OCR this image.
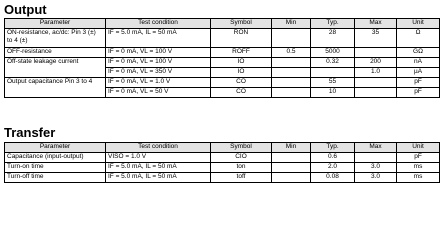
Output
Parameter	Test condition	Symbol	Min	Typ.	Max	Unit
ON-resistance, ac/dc: Pin 3 (±) to 4 (±)	IF = 5.0 mA, IL = 50 mA	RON		28	35	Ω
OFF-resistance	IF = 0 mA, VL = 100 V	ROFF	0.5	5000		GΩ
Off-state leakage current	IF = 0 mA, VL = 100 V	IO		0.32	200	nA
	IF = 0 mA, VL = 350 V	IO			1.0	µA
Output capacitance Pin 3 to 4	IF = 0 mA, VL = 1.0 V	CO		55		pF
	IF = 0 mA, VL = 50 V	CO		10		pF
Transfer
Parameter	Test condition	Symbol	Min	Typ.	Max	Unit
Capacitance (input-output)	VISO = 1.0 V	CIO		0.6		pF
Turn-on time	IF = 5.0 mA, IL = 50 mA	ton		2.0	3.0	ms
Turn-off time	IF = 5.0 mA, IL = 50 mA	toff		0.08	3.0	ms
